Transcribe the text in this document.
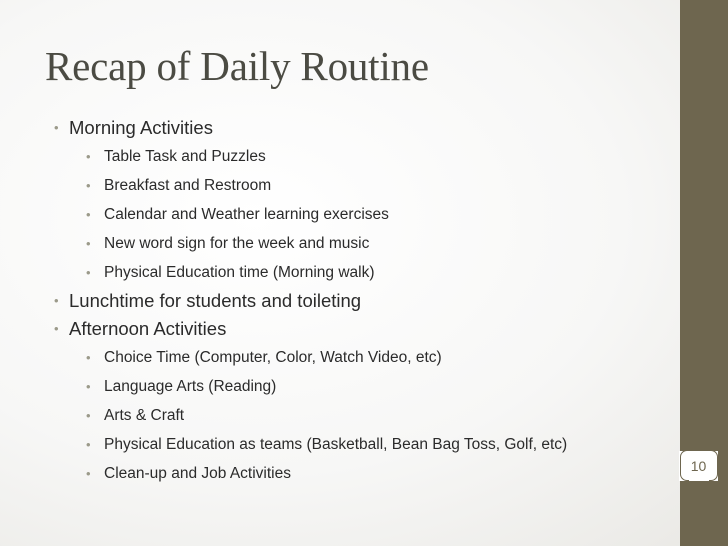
Recap of Daily Routine
• Morning Activities
• Table Task and Puzzles
• Breakfast and Restroom
• Calendar and Weather learning exercises
• New word sign for the week and music
• Physical Education time (Morning walk)
• Lunchtime for students and toileting
• Afternoon Activities
• Choice Time (Computer, Color, Watch Video, etc)
• Language Arts (Reading)
• Arts & Craft
• Physical Education as teams (Basketball, Bean Bag Toss, Golf, etc)
• Clean-up and Job Activities	10
